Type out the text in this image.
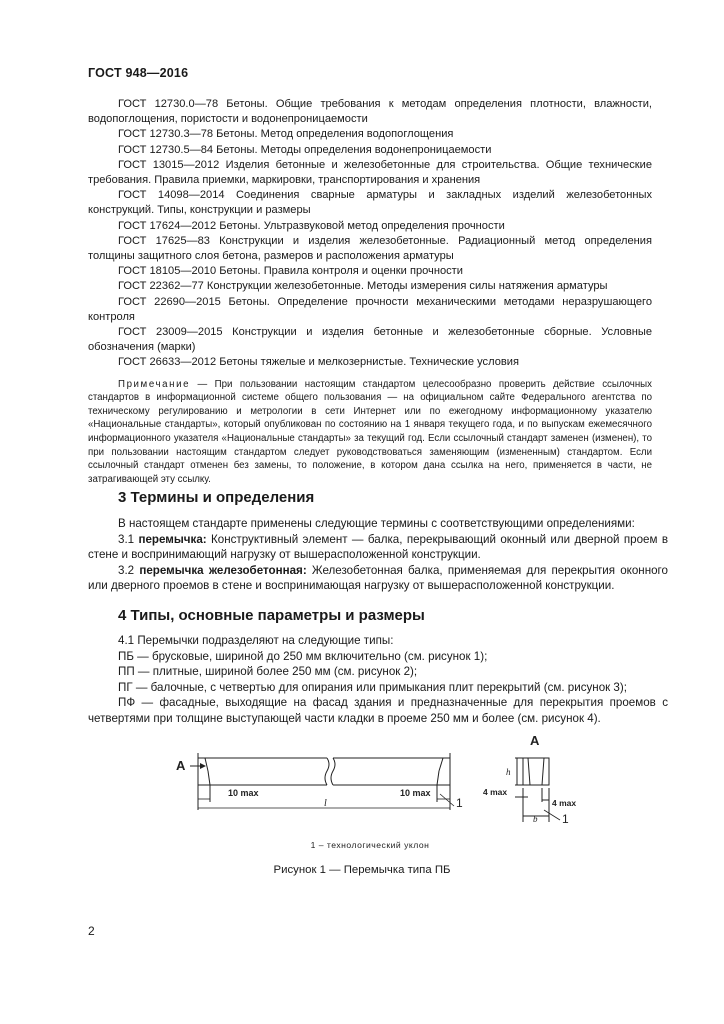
ГОСТ 948—2016
ГОСТ 12730.0—78 Бетоны. Общие требования к методам определения плотности, влажности, водопоглощения, пористости и водонепроницаемости
ГОСТ 12730.3—78 Бетоны. Метод определения водопоглощения
ГОСТ 12730.5—84 Бетоны. Методы определения водонепроницаемости
ГОСТ 13015—2012 Изделия бетонные и железобетонные для строительства. Общие технические требования. Правила приемки, маркировки, транспортирования и хранения
ГОСТ 14098—2014 Соединения сварные арматуры и закладных изделий железобетонных конструкций. Типы, конструкции и размеры
ГОСТ 17624—2012 Бетоны. Ультразвуковой метод определения прочности
ГОСТ 17625—83 Конструкции и изделия железобетонные. Радиационный метод определения толщины защитного слоя бетона, размеров и расположения арматуры
ГОСТ 18105—2010 Бетоны. Правила контроля и оценки прочности
ГОСТ 22362—77 Конструкции железобетонные. Методы измерения силы натяжения арматуры
ГОСТ 22690—2015 Бетоны. Определение прочности механическими методами неразрушающего контроля
ГОСТ 23009—2015 Конструкции и изделия бетонные и железобетонные сборные. Условные обозначения (марки)
ГОСТ 26633—2012 Бетоны тяжелые и мелкозернистые. Технические условия
Примечание — При пользовании настоящим стандартом целесообразно проверить действие ссылочных стандартов в информационной системе общего пользования — на официальном сайте Федерального агентства по техническому регулированию и метрологии в сети Интернет или по ежегодному информационному указателю «Национальные стандарты», который опубликован по состоянию на 1 января текущего года, и по выпускам ежемесячного информационного указателя «Национальные стандарты» за текущий год. Если ссылочный стандарт заменен (изменен), то при пользовании настоящим стандартом следует руководствоваться заменяющим (измененным) стандартом. Если ссылочный стандарт отменен без замены, то положение, в котором дана ссылка на него, применяется в части, не затрагивающей эту ссылку.
3 Термины и определения
В настоящем стандарте применены следующие термины с соответствующими определениями:
3.1 перемычка: Конструктивный элемент — балка, перекрывающий оконный или дверной проем в стене и воспринимающий нагрузку от вышерасположенной конструкции.
3.2 перемычка железобетонная: Железобетонная балка, применяемая для перекрытия оконного или дверного проемов в стене и воспринимающая нагрузку от вышерасположенной конструкции.
4 Типы, основные параметры и размеры
4.1 Перемычки подразделяют на следующие типы:
ПБ — брусковые, шириной до 250 мм включительно (см. рисунок 1);
ПП — плитные, шириной более 250 мм (см. рисунок 2);
ПГ — балочные, с четвертью для опирания или примыкания плит перекрытий (см. рисунок 3);
ПФ — фасадные, выходящие на фасад здания и предназначенные для перекрытия проемов с четвертями при толщине выступающей части кладки в проеме 250 мм и более (см. рисунок 4).
А
10 max	10 max
l	1
А
h
4 max
4 max
b 1
1 – технологический уклон
Рисунок 1 — Перемычка типа ПБ
2
